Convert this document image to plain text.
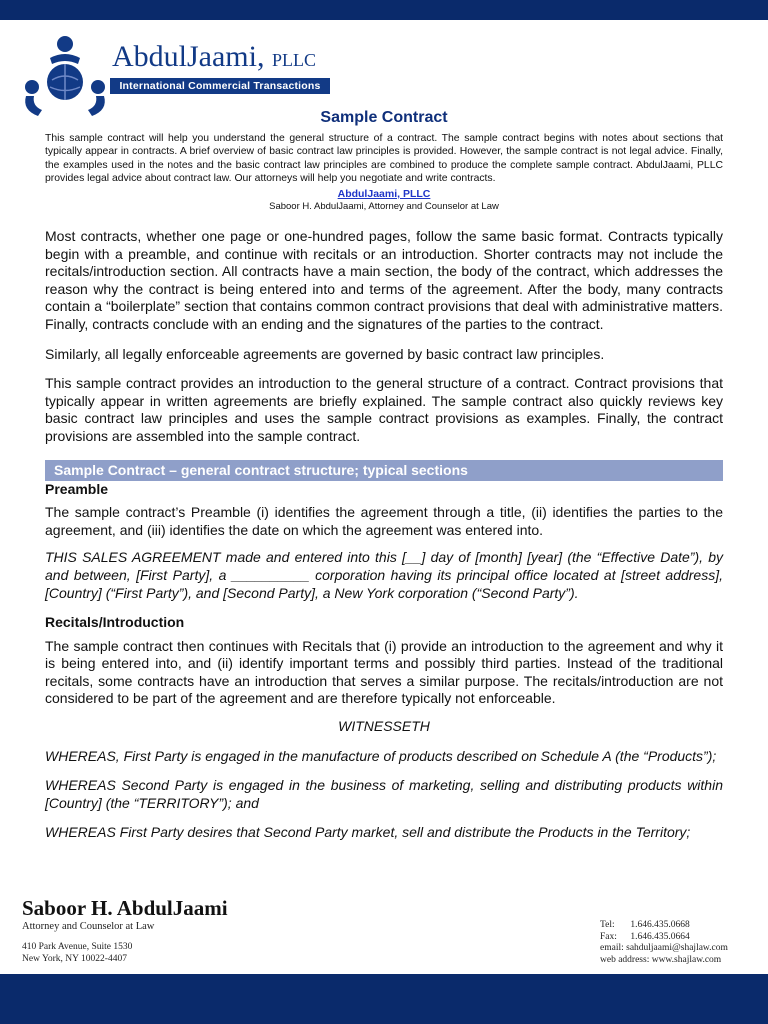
AbdulJaami, PLLC
International Commercial Transactions
Sample Contract
This sample contract will help you understand the general structure of a contract. The sample contract begins with notes about sections that typically appear in contracts. A brief overview of basic contract law principles is provided. However, the sample contract is not legal advice. Finally, the examples used in the notes and the basic contract law principles are combined to produce the complete sample contract. AbdulJaami, PLLC provides legal advice about contract law. Our attorneys will help you negotiate and write contracts.
AbdulJaami, PLLC
Saboor H. AbdulJaami, Attorney and Counselor at Law

Most contracts, whether one page or one-hundred pages, follow the same basic format. Contracts typically begin with a preamble, and continue with recitals or an introduction. Shorter contracts may not include the recitals/introduction section. All contracts have a main section, the body of the contract, which addresses the reason why the contract is being entered into and terms of the agreement. After the body, many contracts contain a “boilerplate” section that contains common contract provisions that deal with administrative matters. Finally, contracts conclude with an ending and the signatures of the parties to the contract.

Similarly, all legally enforceable agreements are governed by basic contract law principles.

This sample contract provides an introduction to the general structure of a contract. Contract provisions that typically appear in written agreements are briefly explained. The sample contract also quickly reviews key basic contract law principles and uses the sample contract provisions as examples. Finally, the contract provisions are assembled into the sample contract.

Sample Contract – general contract structure; typical sections
Preamble

The sample contract’s Preamble (i) identifies the agreement through a title, (ii) identifies the parties to the agreement, and (iii) identifies the date on which the agreement was entered into.

THIS SALES AGREEMENT made and entered into this [__] day of [month] [year] (the “Effective Date”), by and between, [First Party], a __________ corporation having its principal office located at [street address], [Country] (“First Party”), and [Second Party], a New York corporation (“Second Party”).

Recitals/Introduction

The sample contract then continues with Recitals that (i) provide an introduction to the agreement and why it is being entered into, and (ii) identify important terms and possibly third parties. Instead of the traditional recitals, some contracts have an introduction that serves a similar purpose. The recitals/introduction are not considered to be part of the agreement and are therefore typically not enforceable.

WITNESSETH

WHEREAS, First Party is engaged in the manufacture of products described on Schedule A (the “Products”);

WHEREAS Second Party is engaged in the business of marketing, selling and distributing products within [Country] (the “TERRITORY”); and

WHEREAS First Party desires that Second Party market, sell and distribute the Products in the Territory;

Saboor H. AbdulJaami
Attorney and Counselor at Law
410 Park Avenue, Suite 1530
New York, NY 10022-4407
Tel: 1.646.435.0668
Fax: 1.646.435.0664
email: sahduljaami@shajlaw.com
web address: www.shajlaw.com
